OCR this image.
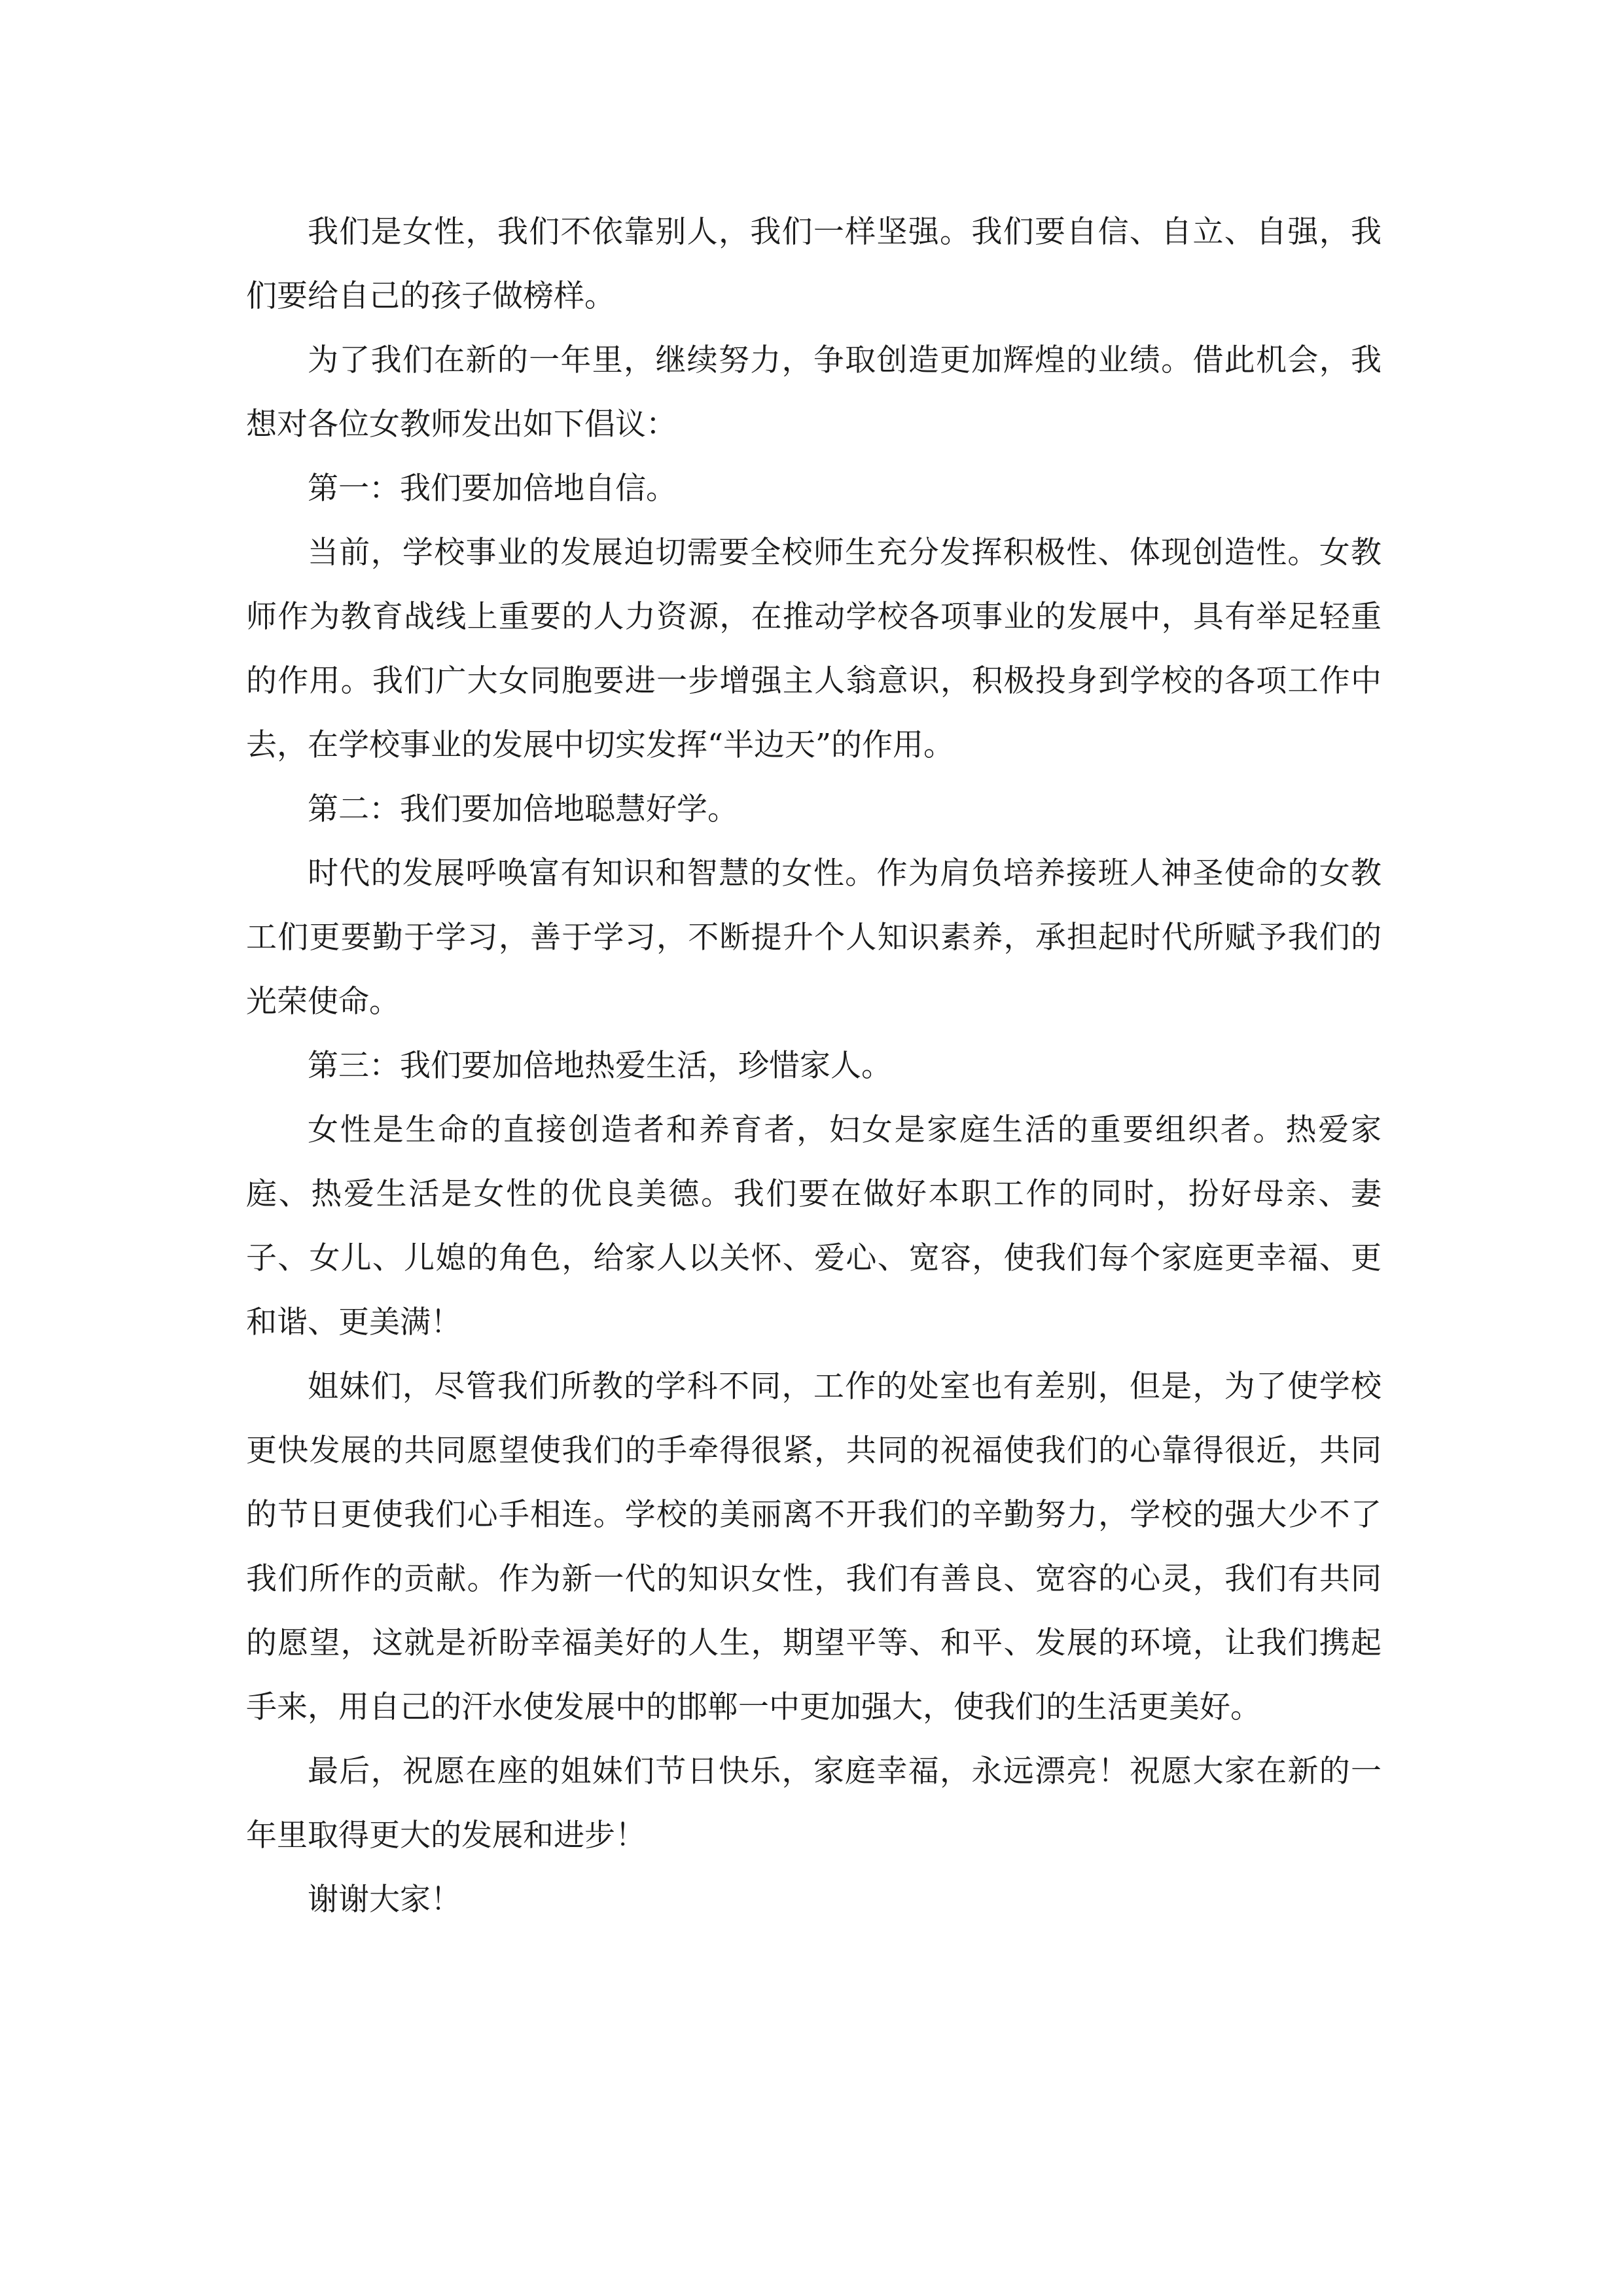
我们是女性，我们不依靠别人，我们一样坚强。我们要自信、自立、自强，我们要给自己的孩子做榜样。

为了我们在新的一年里，继续努力，争取创造更加辉煌的业绩。借此机会，我想对各位女教师发出如下倡议：

第一：我们要加倍地自信。

当前，学校事业的发展迫切需要全校师生充分发挥积极性、体现创造性。女教师作为教育战线上重要的人力资源，在推动学校各项事业的发展中，具有举足轻重的作用。我们广大女同胞要进一步增强主人翁意识，积极投身到学校的各项工作中去，在学校事业的发展中切实发挥“半边天”的作用。

第二：我们要加倍地聪慧好学。

时代的发展呼唤富有知识和智慧的女性。作为肩负培养接班人神圣使命的女教工们更要勤于学习，善于学习，不断提升个人知识素养，承担起时代所赋予我们的光荣使命。

第三：我们要加倍地热爱生活，珍惜家人。

女性是生命的直接创造者和养育者，妇女是家庭生活的重要组织者。热爱家庭、热爱生活是女性的优良美德。我们要在做好本职工作的同时，扮好母亲、妻子、女儿、儿媳的角色，给家人以关怀、爱心、宽容，使我们每个家庭更幸福、更和谐、更美满！

姐妹们，尽管我们所教的学科不同，工作的处室也有差别，但是，为了使学校更快发展的共同愿望使我们的手牵得很紧，共同的祝福使我们的心靠得很近，共同的节日更使我们心手相连。学校的美丽离不开我们的辛勤努力，学校的强大少不了我们所作的贡献。作为新一代的知识女性，我们有善良、宽容的心灵，我们有共同的愿望，这就是祈盼幸福美好的人生，期望平等、和平、发展的环境，让我们携起手来，用自己的汗水使发展中的邯郸一中更加强大，使我们的生活更美好。

最后，祝愿在座的姐妹们节日快乐，家庭幸福，永远漂亮！祝愿大家在新的一年里取得更大的发展和进步！

谢谢大家！
